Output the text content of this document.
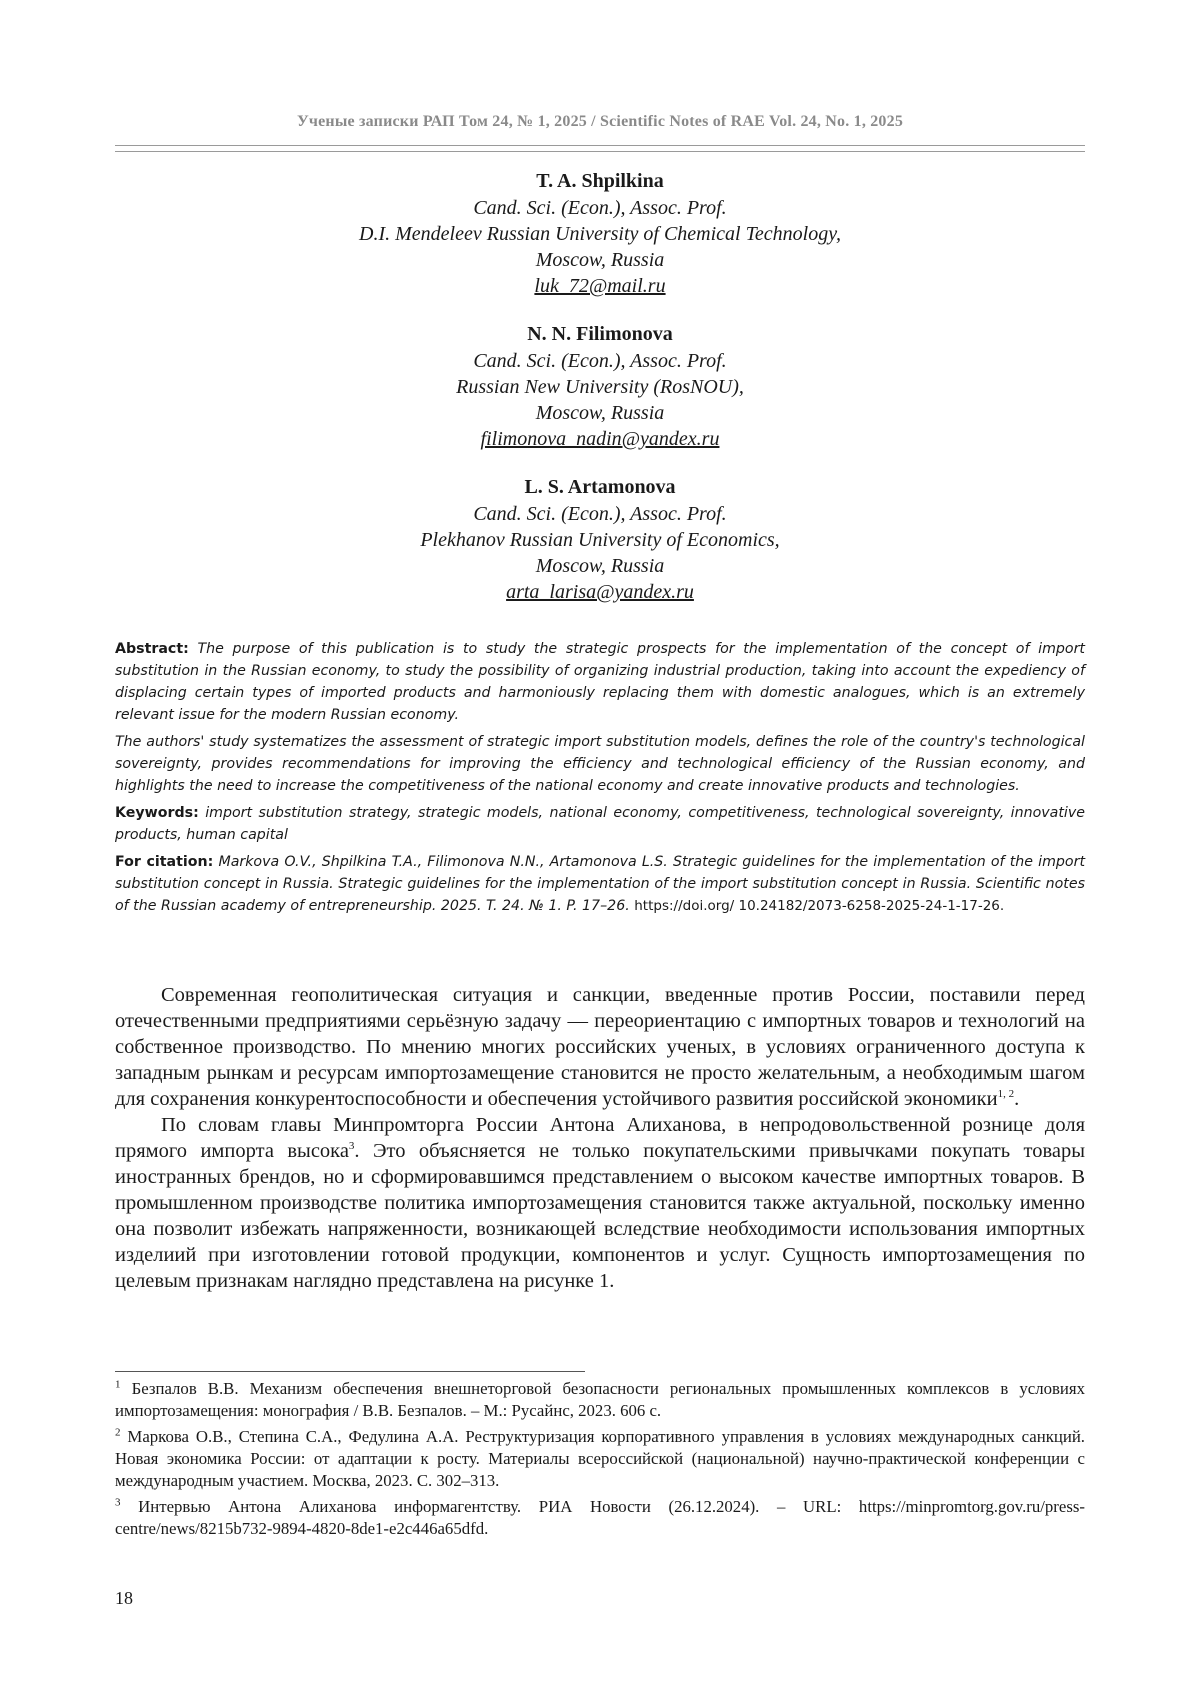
Ученые записки РАП Том 24, № 1, 2025 / Scientific Notes of RAE Vol. 24, No. 1, 2025
T. A. Shpilkina
Cand. Sci. (Econ.), Assoc. Prof.
D.I. Mendeleev Russian University of Chemical Technology,
Moscow, Russia
luk_72@mail.ru
N. N. Filimonova
Cand. Sci. (Econ.), Assoc. Prof.
Russian New University (RosNOU),
Moscow, Russia
filimonova_nadin@yandex.ru
L. S. Artamonova
Cand. Sci. (Econ.), Assoc. Prof.
Plekhanov Russian University of Economics,
Moscow, Russia
arta_larisa@yandex.ru

Abstract: The purpose of this publication is to study the strategic prospects for the implementation of the concept of import substitution in the Russian economy, to study the possibility of organizing industrial production, taking into account the expediency of displacing certain types of imported products and harmoniously replacing them with domestic analogues, which is an extremely relevant issue for the modern Russian economy.

The authors' study systematizes the assessment of strategic import substitution models, defines the role of the country's technological sovereignty, provides recommendations for improving the efficiency and technological efficiency of the Russian economy, and highlights the need to increase the competitiveness of the national economy and create innovative products and technologies.

Keywords: import substitution strategy, strategic models, national economy, competitiveness, technological sovereignty, innovative products, human capital

For citation: Markova O.V., Shpilkina T.A., Filimonova N.N., Artamonova L.S. Strategic guidelines for the implementation of the import substitution concept in Russia. Strategic guidelines for the implementation of the import substitution concept in Russia. Scientific notes of the Russian academy of entrepreneurship. 2025. T. 24. № 1. P. 17–26. https://doi.org/ 10.24182/2073-6258-2025-24-1-17-26.

Современная геополитическая ситуация и санкции, введенные против России, поставили перед отечественными предприятиями серьёзную задачу — переориентацию с импортных товаров и технологий на собственное производство. По мнению многих российских ученых, в условиях ограниченного доступа к западным рынкам и ресурсам импортозамещение становится не просто желательным, а необходимым шагом для сохранения конкурентоспособности и обеспечения устойчивого развития российской экономики$^{1, 2}$.

По словам главы Минпромторга России Антона Алиханова, в непродовольственной рознице доля прямого импорта высока$^3$. Это объясняется не только покупательскими привычками покупать товары иностранных брендов, но и сформировавшимся представлением о высоком качестве импортных товаров. В промышленном производстве политика импортозамещения становится также актуальной, поскольку именно она позволит избежать напряженности, возникающей вследствие необходимости использования импортных изделиий при изготовлении готовой продукции, компонентов и услуг. Сущность импортозамещения по целевым признакам наглядно представлена на рисунке 1.

$^1$ Безпалов В.В. Механизм обеспечения внешнеторговой безопасности региональных промышленных комплексов в условиях импортозамещения: монография / В.В. Безпалов. – М.: Русайнс, 2023. 606 с.

$^2$ Маркова О.В., Степина С.А., Федулина А.А. Реструктуризация корпоративного управления в условиях международных санкций. Новая экономика России: от адаптации к росту. Материалы всероссийской (национальной) научно-практической конференции с международным участием. Москва, 2023. С. 302–313.

$^3$ Интервью Антона Алиханова информагентству. РИА Новости (26.12.2024). – URL: https://minpromtorg.gov.ru/press-centre/news/8215b732-9894-4820-8de1-e2c446a65dfd.

18
